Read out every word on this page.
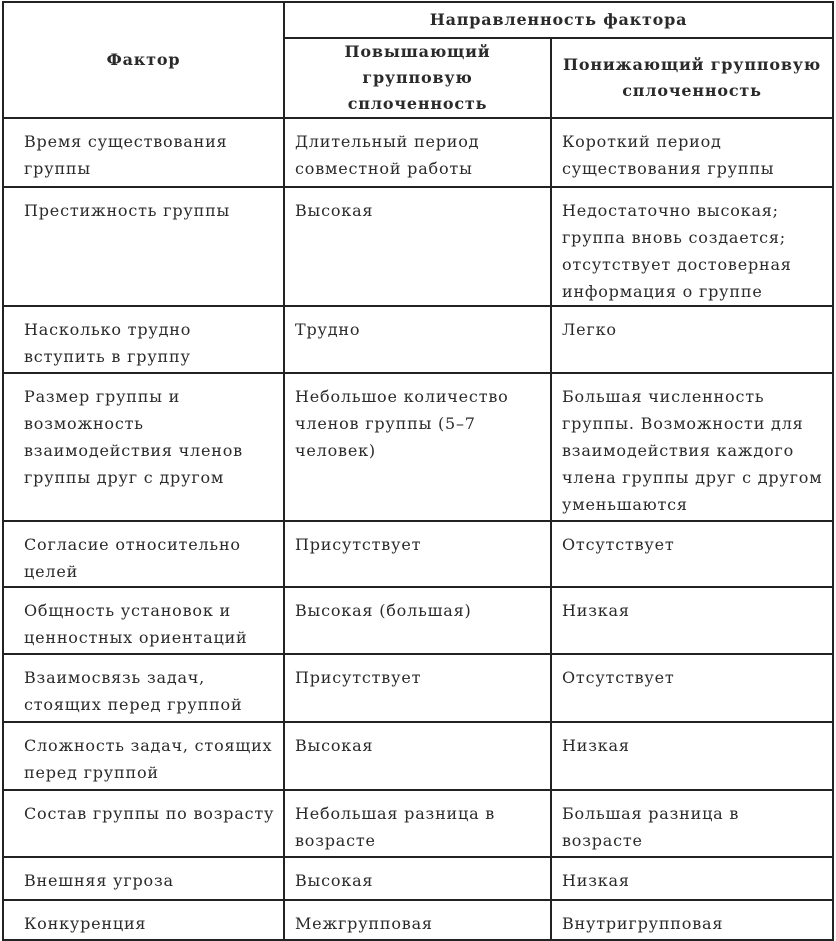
Фактор	Направленность фактора	
	Повышающий групповую сплоченность	Понижающий групповую сплоченность
Время существования группы	Длительный период совместной работы	Короткий период существования группы
Престижность группы	Высокая	Недостаточно высокая; группа вновь создается; отсутствует достоверная информация о группе
Насколько трудно вступить в группу	Трудно	Легко
Размер группы и возможность взаимодействия членов группы друг с другом	Небольшое количество членов группы (5–7 человек)	Большая численность группы. Возможности для взаимодействия каждого члена группы друг с другом уменьшаются
Согласие относительно целей	Присутствует	Отсутствует
Общность установок и ценностных ориентаций	Высокая (большая)	Низкая
Взаимосвязь задач, стоящих перед группой	Присутствует	Отсутствует
Сложность задач, стоящих перед группой	Высокая	Низкая
Состав группы по возрасту	Небольшая разница в возрасте	Большая разница в возрасте
Внешняя угроза	Высокая	Низкая
Конкуренция	Межгрупповая	Внутригрупповая
